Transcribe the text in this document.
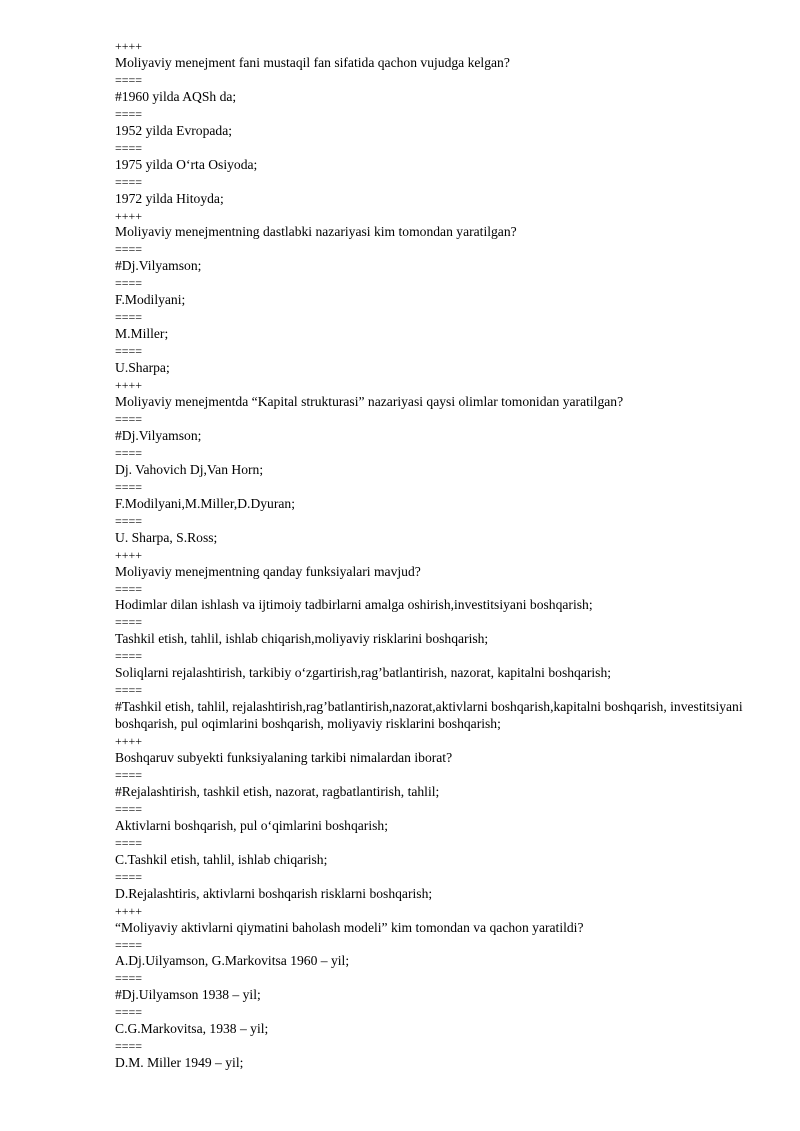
++++
Moliyaviy menejment fani mustaqil fan sifatida qachon vujudga kelgan?
====
#1960 yilda AQSh da;
====
1952 yilda Evropada;
====
1975 yilda O‘rta Osiyoda;
====
1972 yilda Hitoyda;
++++
Moliyaviy menejmentning dastlabki nazariyasi kim tomondan yaratilgan?
====
#Dj.Vilyamson;
====
F.Modilyani;
====
M.Miller;
====
U.Sharpa;
++++
Moliyaviy menejmentda “Kapital strukturasi” nazariyasi qaysi olimlar tomonidan yaratilgan?
====
#Dj.Vilyamson;
====
Dj. Vahovich Dj,Van Horn;
====
F.Modilyani,M.Miller,D.Dyuran;
====
U. Sharpa, S.Ross;
++++
Moliyaviy menejmentning qanday funksiyalari mavjud?
====
Hodimlar dilan ishlash va ijtimoiy tadbirlarni amalga oshirish,investitsiyani boshqarish;
====
Tashkil etish, tahlil, ishlab chiqarish,moliyaviy risklarini boshqarish;
====
Soliqlarni rejalashtirish, tarkibiy o‘zgartirish,rag’batlantirish, nazorat, kapitalni boshqarish;
====
#Tashkil etish, tahlil, rejalashtirish,rag’batlantirish,nazorat,aktivlarni boshqarish,kapitalni boshqarish, investitsiyani boshqarish, pul oqimlarini boshqarish, moliyaviy risklarini boshqarish;
++++
Boshqaruv subyekti funksiyalaning tarkibi nimalardan iborat?
====
#Rejalashtirish, tashkil etish, nazorat, ragbatlantirish, tahlil;
====
Aktivlarni boshqarish, pul o‘qimlarini boshqarish;
====
C.Tashkil etish, tahlil, ishlab chiqarish;
====
D.Rejalashtiris, aktivlarni boshqarish risklarni boshqarish;
++++
“Moliyaviy aktivlarni qiymatini baholash modeli” kim tomondan va qachon yaratildi?
====
A.Dj.Uilyamson, G.Markovitsa 1960 – yil;
====
#Dj.Uilyamson 1938 – yil;
====
C.G.Markovitsa, 1938 – yil;
====
D.M. Miller 1949 – yil;
